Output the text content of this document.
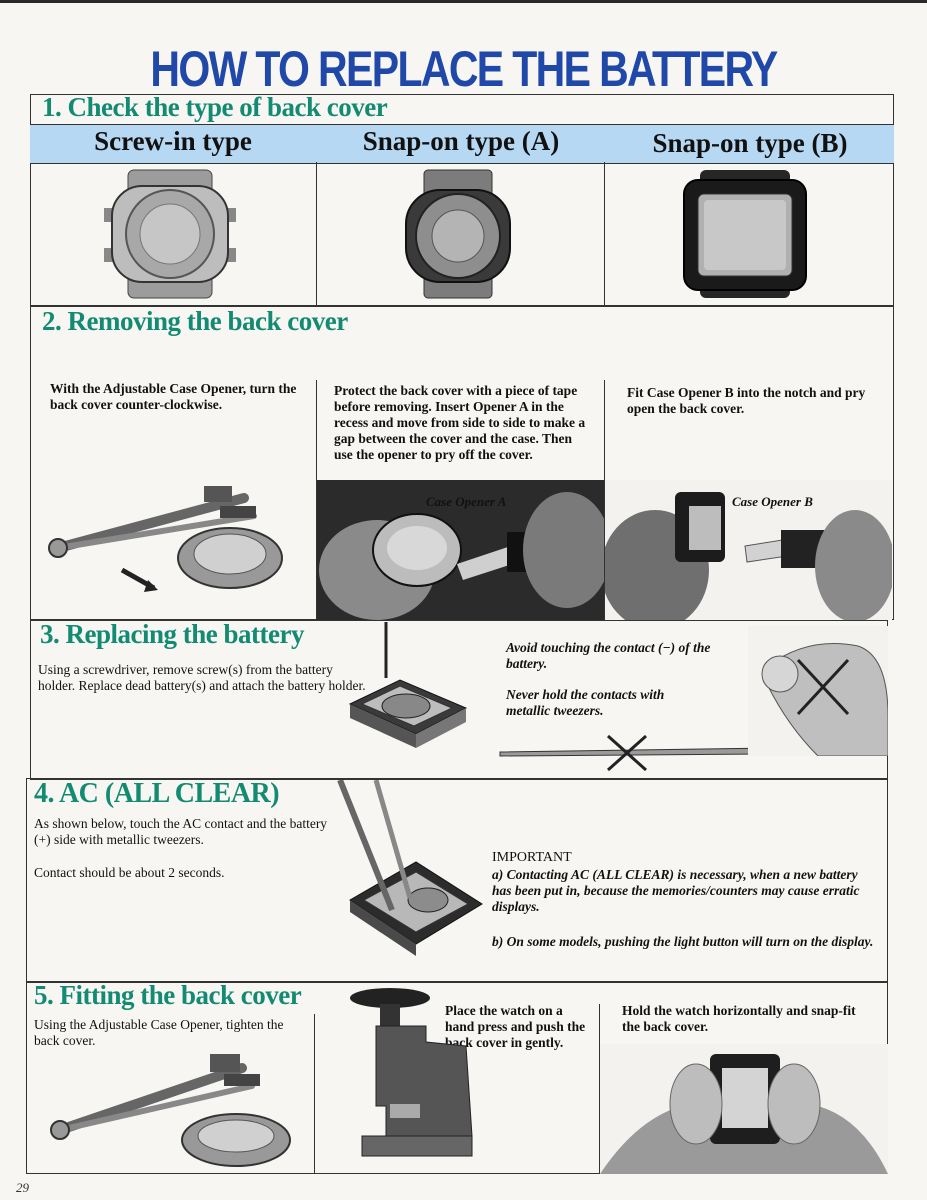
HOW TO REPLACE THE BATTERY
1. Check the type of back cover
Screw-in type	Snap-on type (A)	Snap-on type (B)
2. Removing the back cover
With the Adjustable Case Opener, turn the back cover counter-clockwise.
Protect the back cover with a piece of tape before removing. Insert Opener A in the recess and move from side to side to make a gap between the cover and the case. Then use the opener to pry off the cover.
Fit Case Opener B into the notch and pry open the back cover.
Case Opener A	Case Opener B
3. Replacing the battery
Using a screwdriver, remove screw(s) from the battery holder. Replace dead battery(s) and attach the battery holder.
Avoid touching the contact (−) of the battery.
Never hold the contacts with metallic tweezers.
4. AC (ALL CLEAR)
As shown below, touch the AC contact and the battery (+) side with metallic tweezers.
Contact should be about 2 seconds.
IMPORTANT
a) Contacting AC (ALL CLEAR) is necessary, when a new battery has been put in, because the memories/counters may cause erratic displays.
b) On some models, pushing the light button will turn on the display.
5. Fitting the back cover
Using the Adjustable Case Opener, tighten the back cover.
Place the watch on a hand press and push the back cover in gently.
Hold the watch horizontally and snap-fit the back cover.
29
